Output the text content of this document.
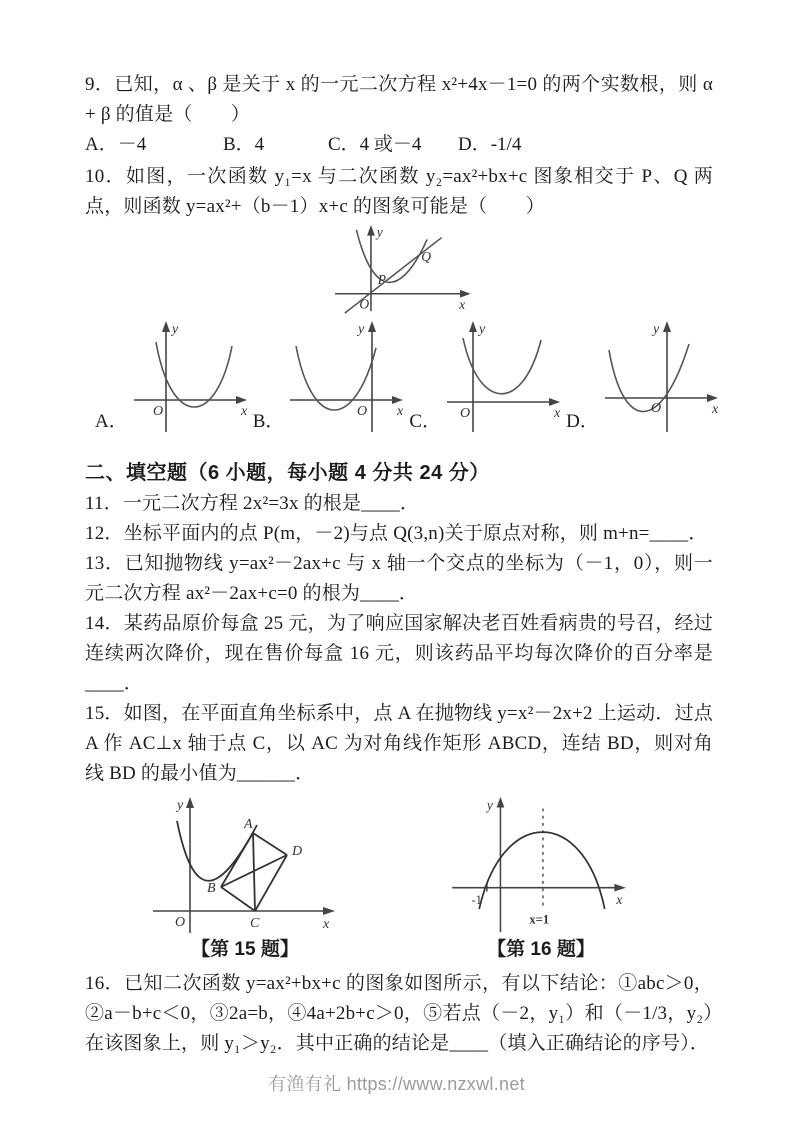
9．已知，α 、β 是关于 x 的一元二次方程 x²+4x－1=0 的两个实数根，则 α + β 的值是（　　）
A．－4	B．4	C．4 或－4	D．-1/4
10．如图，一次函数 y₁=x 与二次函数 y₂=ax²+bx+c 图象相交于 P、Q 两点，则函数 y=ax²+（b－1）x+c 的图象可能是（　　）
y
x
O
P
Q
A．
y
x
O	B．
y
x
O C．
y
x
O	D．
y
x
O
二、填空题（6 小题，每小题 4 分共 24 分）
11．一元二次方程 2x²=3x 的根是____．
12．坐标平面内的点 P(m，－2)与点 Q(3,n)关于原点对称，则 m+n=____．
13．已知抛物线 y=ax²－2ax+c 与 x 轴一个交点的坐标为（－1，0），则一元二次方程 ax²－2ax+c=0 的根为____．
14．某药品原价每盒 25 元，为了响应国家解决老百姓看病贵的号召，经过连续两次降价，现在售价每盒 16 元，则该药品平均每次降价的百分率是____．
15．如图，在平面直角坐标系中，点 A 在抛物线 y=x²－2x+2 上运动．过点 A 作 AC⊥x 轴于点 C，以 AC 为对角线作矩形 ABCD，连结 BD，则对角线 BD 的最小值为______．
y
x
O
A
B
C
D
【第 15 题】
y
x
-1
x=1
【第 16 题】
16．已知二次函数 y=ax²+bx+c 的图象如图所示，有以下结论：①abc＞0，②a－b+c＜0，③2a=b，④4a+2b+c＞0，⑤若点（－2，y₁）和（－1/3，y₂）在该图象上，则 y₁＞y₂．其中正确的结论是____（填入正确结论的序号）．
有渔有礼 https://www.nzxwl.net
